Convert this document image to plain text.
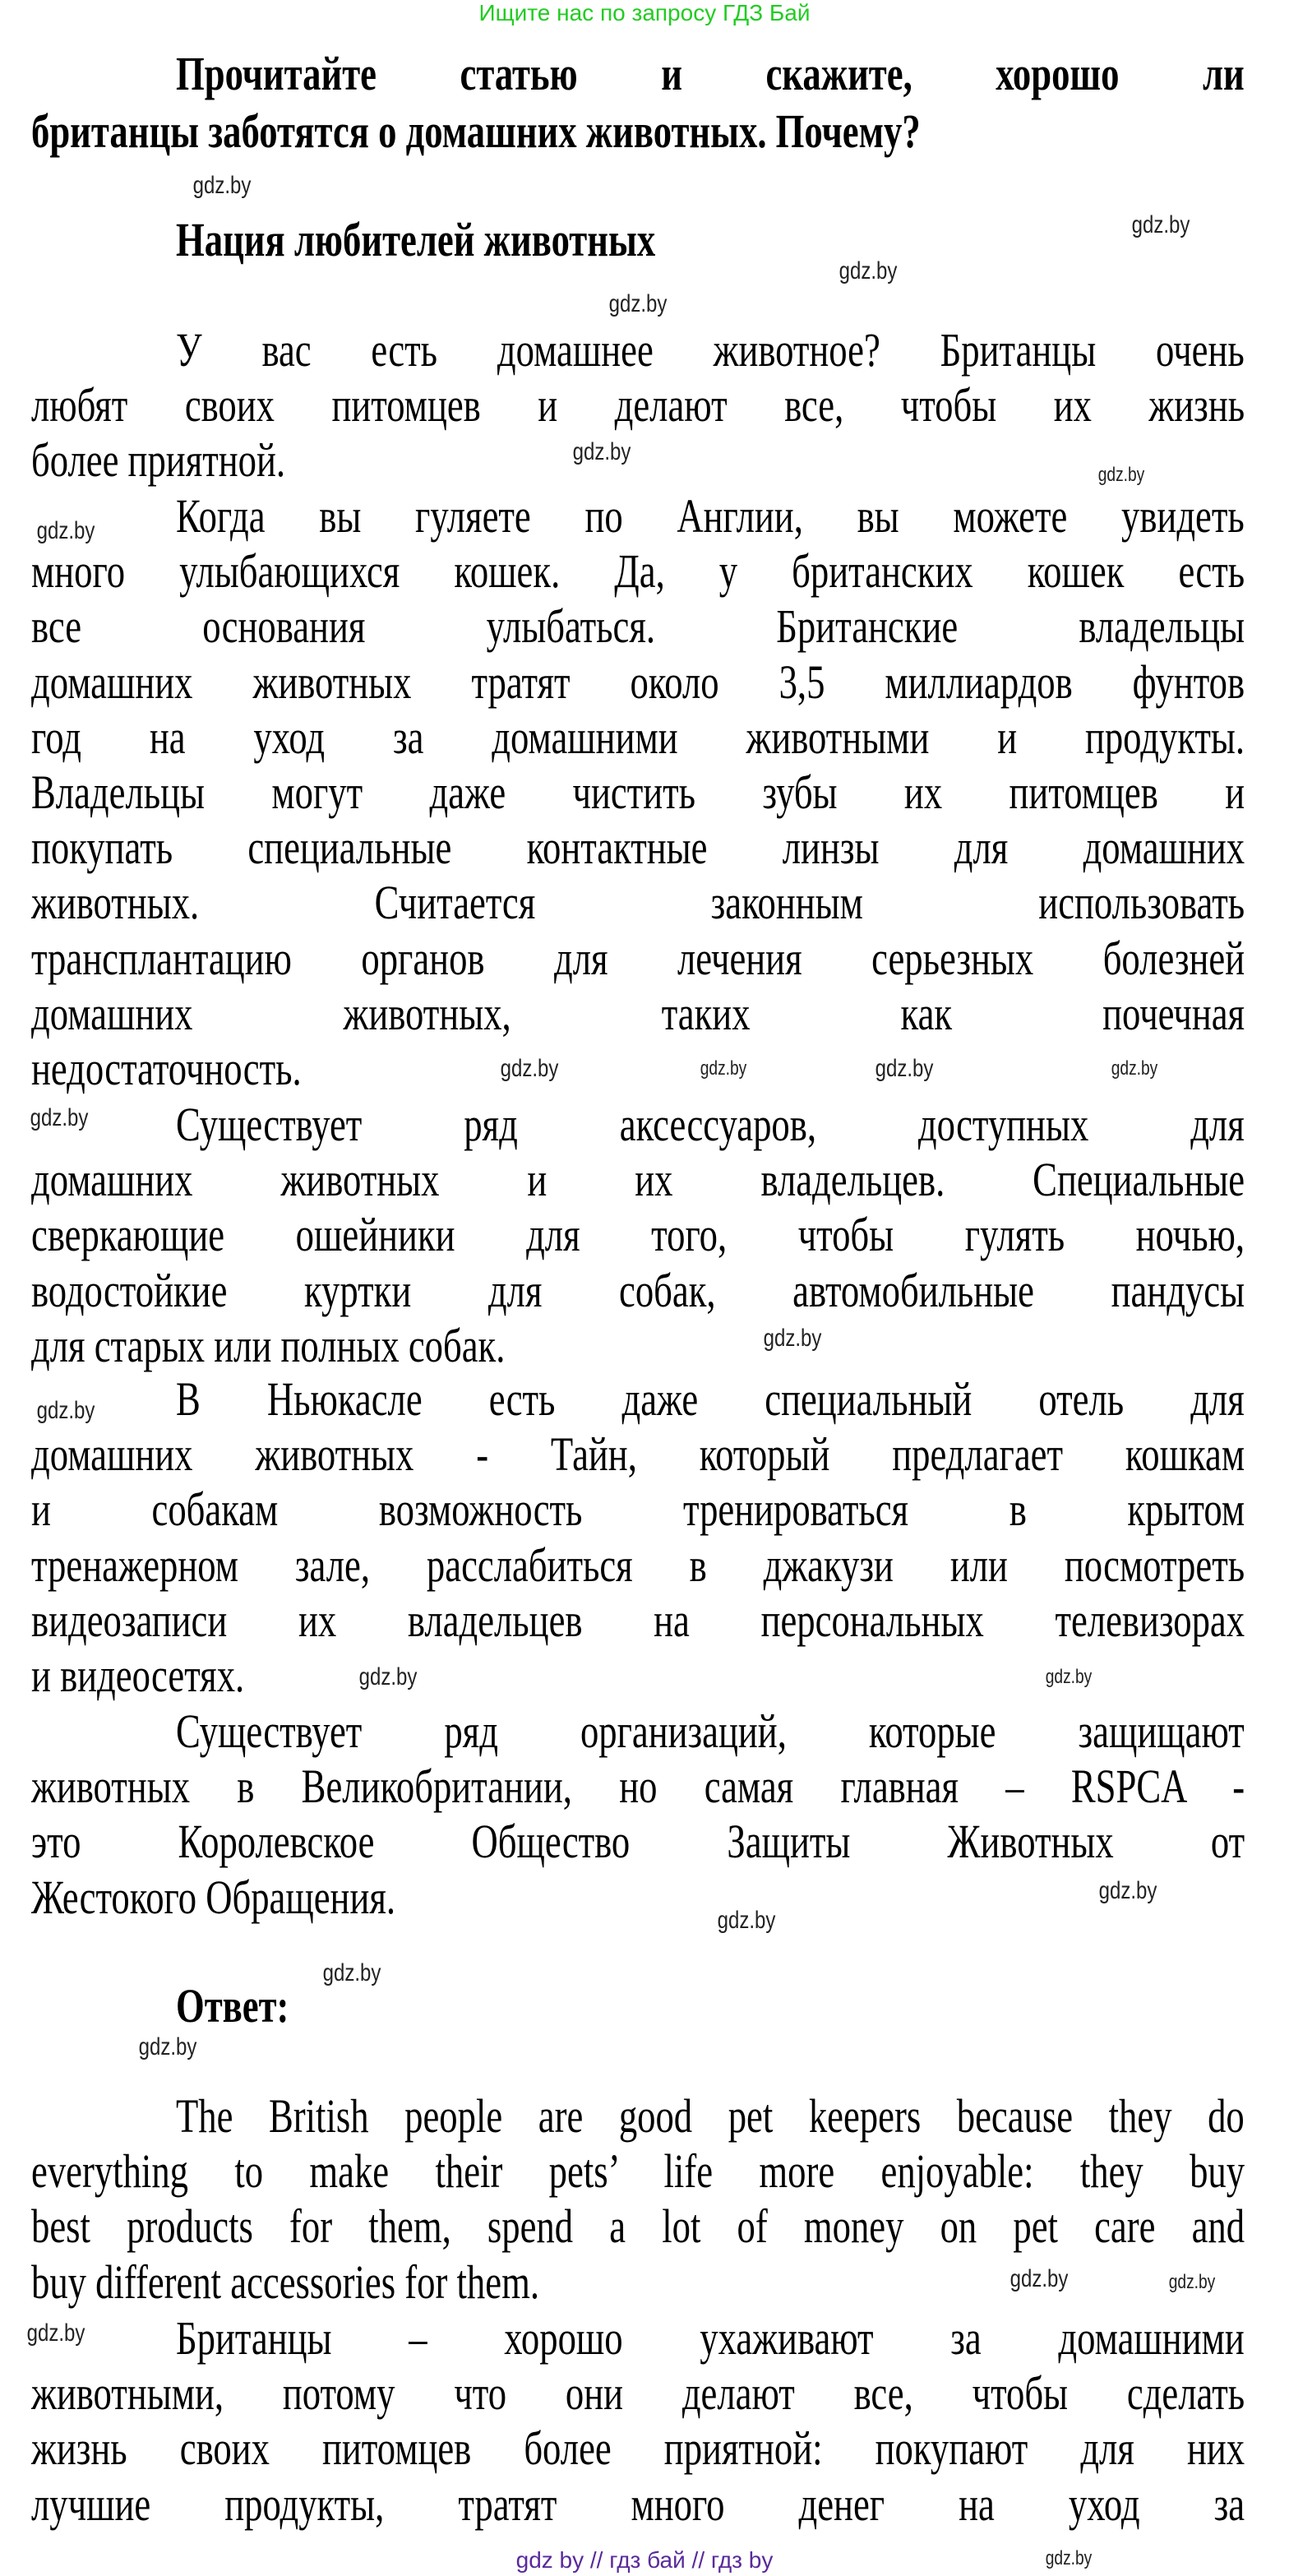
Ищите нас по запросу ГДЗ Бай
Прочитайте статью и скажите, хорошо ли
британцы заботятся о домашних животных. Почему?
Нация любителей животных
У вас есть домашнее животное? Британцы очень
любят своих питомцев и делают все, чтобы их жизнь
более приятной.
Когда вы гуляете по Англии, вы можете увидеть
много улыбающихся кошек. Да, у британских кошек есть
все основания улыбаться. Британские владельцы
домашних животных тратят около 3,5 миллиардов фунтов
год на уход за домашними животными и продукты.
Владельцы могут даже чистить зубы их питомцев и
покупать специальные контактные линзы для домашних
животных. Считается законным использовать
трансплантацию органов для лечения серьезных болезней
домашних животных, таких как почечная
недостаточность.
Существует ряд аксессуаров, доступных для
домашних животных и их владельцев. Специальные
сверкающие ошейники для того, чтобы гулять ночью,
водостойкие куртки для собак, автомобильные пандусы
для старых или полных собак.
В Ньюкасле есть даже специальный отель для
домашних животных - Тайн, который предлагает кошкам
и собакам возможность тренироваться в крытом
тренажерном зале, расслабиться в джакузи или посмотреть
видеозаписи их владельцев на персональных телевизорах
и видеосетях.
Существует ряд организаций, которые защищают
животных в Великобритании, но самая главная – RSPCA -
это Королевское Общество Защиты Животных от
Жестокого Обращения.
Ответ:
The British people are good pet keepers because they do
everything to make their pets’ life more enjoyable: they buy
best products for them, spend a lot of money on pet care and
buy different accessories for them.
Британцы – хорошо ухаживают за домашними
животными, потому что они делают все, чтобы сделать
жизнь своих питомцев более приятной: покупают для них
лучшие продукты, тратят много денег на уход за
gdz.by
gdz.by
gdz.by
gdz.by
gdz.by
gdz.by
gdz.by
gdz.by	gdz.by	gdz.by
gdz.by
gdz.by
gdz.by
gdz.by
gdz.by
gdz.by
gdz.by
gdz.by
gdz.by
gdz.by
gdz.by
gdz.by
gdz.by
gdz.by
gdz by // гдз бай // гдз by
